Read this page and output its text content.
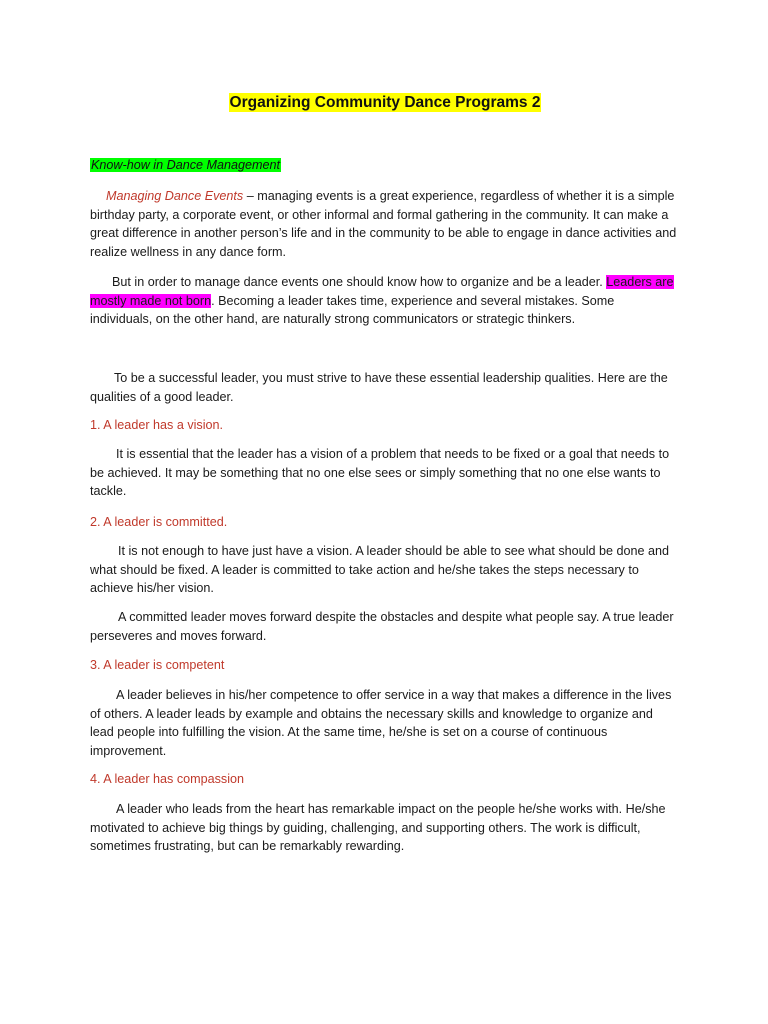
Organizing Community Dance Programs 2
Know-how in Dance Management

Managing Dance Events – managing events is a great experience, regardless of whether it is a simple birthday party, a corporate event, or other informal and formal gathering in the community. It can make a great difference in another person’s life and in the community to be able to engage in dance activities and realize wellness in any dance form.

But in order to manage dance events one should know how to organize and be a leader. Leaders are mostly made not born. Becoming a leader takes time, experience and several mistakes. Some individuals, on the other hand, are naturally strong communicators or strategic thinkers.

To be a successful leader, you must strive to have these essential leadership qualities. Here are the qualities of a good leader.

1. A leader has a vision.

It is essential that the leader has a vision of a problem that needs to be fixed or a goal that needs to be achieved. It may be something that no one else sees or simply something that no one else wants to tackle.

2. A leader is committed.

It is not enough to have just have a vision. A leader should be able to see what should be done and what should be fixed. A leader is committed to take action and he/she takes the steps necessary to achieve his/her vision.

A committed leader moves forward despite the obstacles and despite what people say. A true leader perseveres and moves forward.

3. A leader is competent

A leader believes in his/her competence to offer service in a way that makes a difference in the lives of others. A leader leads by example and obtains the necessary skills and knowledge to organize and lead people into fulfilling the vision. At the same time, he/she is set on a course of continuous improvement.

4. A leader has compassion

A leader who leads from the heart has remarkable impact on the people he/she works with. He/she motivated to achieve big things by guiding, challenging, and supporting others. The work is difficult, sometimes frustrating, but can be remarkably rewarding.
